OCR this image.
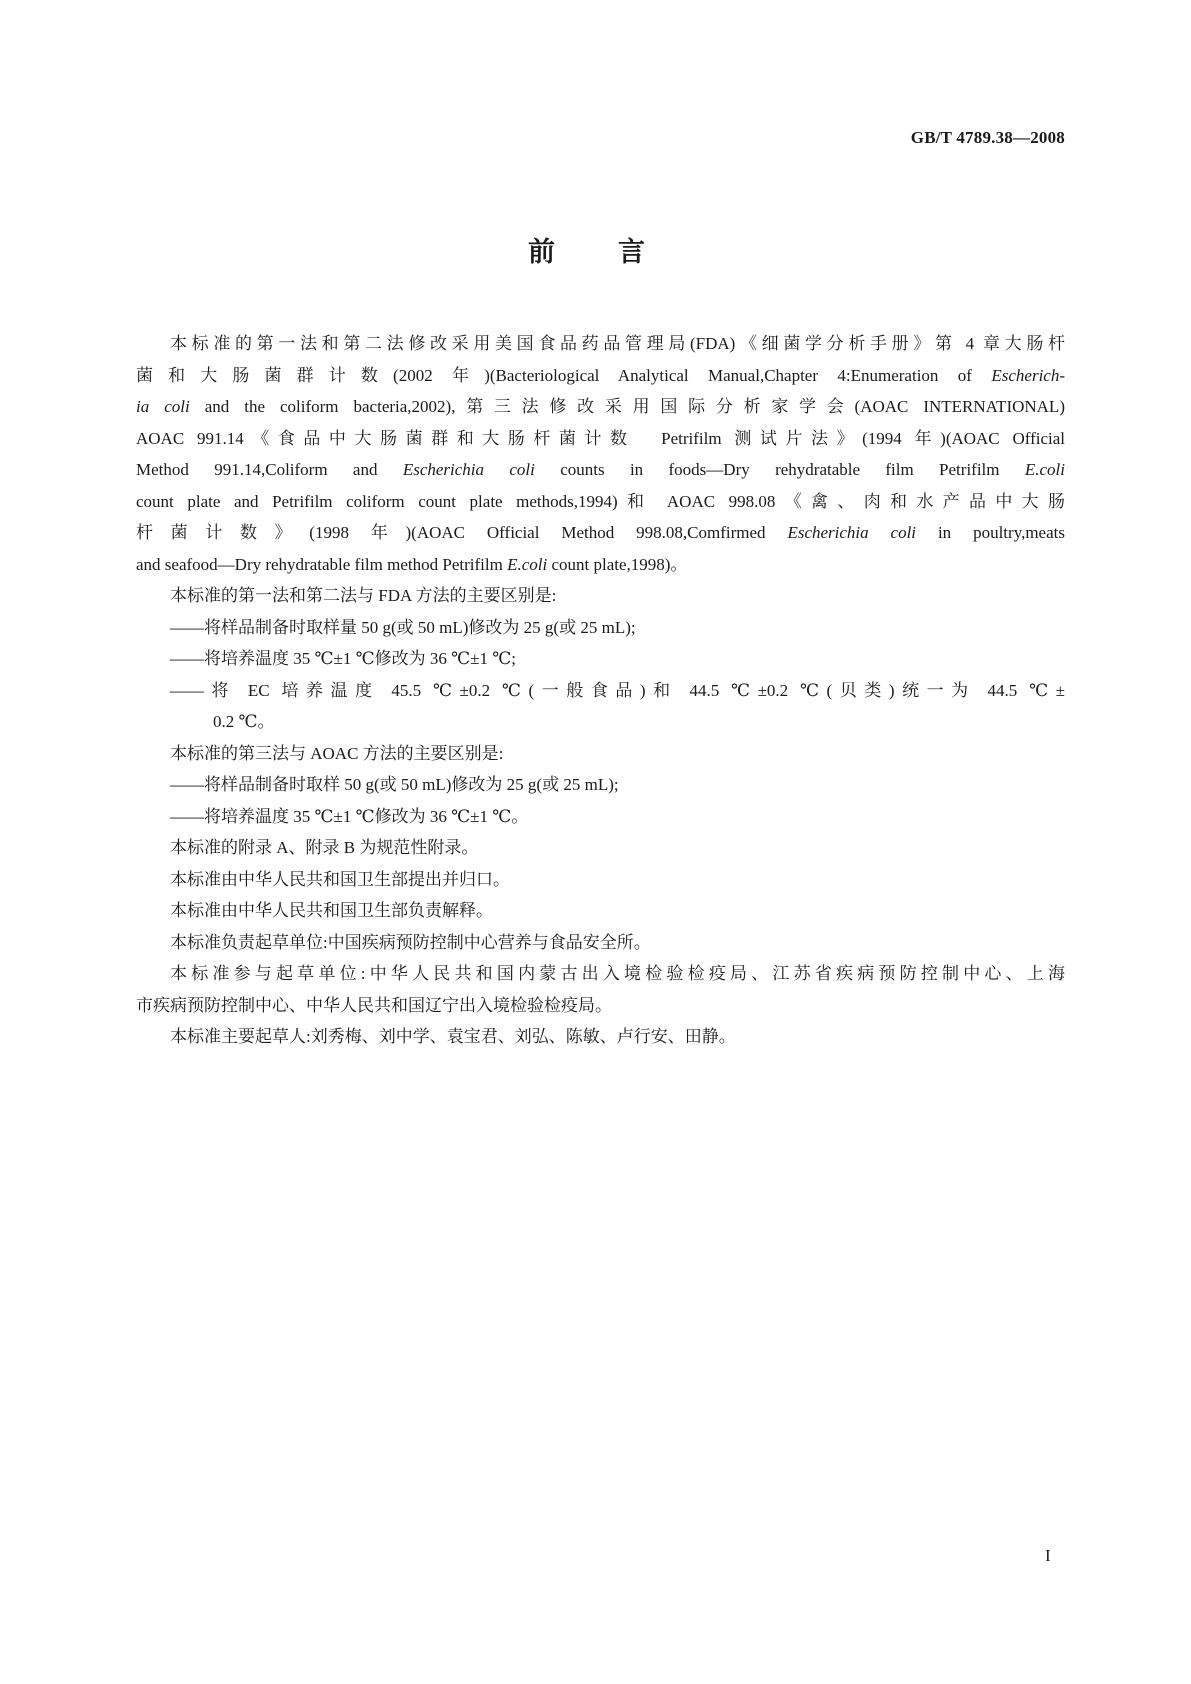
GB/T 4789.38—2008
前　言
本标准的第一法和第二法修改采用美国食品药品管理局(FDA)《细菌学分析手册》第 4 章大肠杆
菌和大肠菌群计数(2002 年)(Bacteriological Analytical Manual,Chapter 4:Enumeration of Escherich-
ia coli and the coliform bacteria,2002),第三法修改采用国际分析家学会(AOAC INTERNATIONAL)
AOAC 991.14《食品中大肠菌群和大肠杆菌计数　Petrifilm 测试片法》(1994 年)(AOAC Official
Method 991.14,Coliform and Escherichia coli counts in foods—Dry rehydratable film Petrifilm E.coli
count plate and Petrifilm coliform count plate methods,1994)和 AOAC 998.08《禽、肉和水产品中大肠
杆菌计数》(1998 年)(AOAC Official Method 998.08,Comfirmed Escherichia coli in poultry,meats
and seafood—Dry rehydratable film method Petrifilm E.coli count plate,1998)。
本标准的第一法和第二法与 FDA 方法的主要区别是:
——将样品制备时取样量 50 g(或 50 mL)修改为 25 g(或 25 mL);
——将培养温度 35 ℃±1 ℃修改为 36 ℃±1 ℃;
——将 EC 培养温度 45.5 ℃±0.2 ℃(一般食品)和 44.5 ℃±0.2 ℃(贝类)统一为 44.5 ℃±
0.2 ℃。
本标准的第三法与 AOAC 方法的主要区别是:
——将样品制备时取样 50 g(或 50 mL)修改为 25 g(或 25 mL);
——将培养温度 35 ℃±1 ℃修改为 36 ℃±1 ℃。
本标准的附录 A、附录 B 为规范性附录。
本标准由中华人民共和国卫生部提出并归口。
本标准由中华人民共和国卫生部负责解释。
本标准负责起草单位:中国疾病预防控制中心营养与食品安全所。
本标准参与起草单位:中华人民共和国内蒙古出入境检验检疫局、江苏省疾病预防控制中心、上海
市疾病预防控制中心、中华人民共和国辽宁出入境检验检疫局。
本标准主要起草人:刘秀梅、刘中学、袁宝君、刘弘、陈敏、卢行安、田静。
I
